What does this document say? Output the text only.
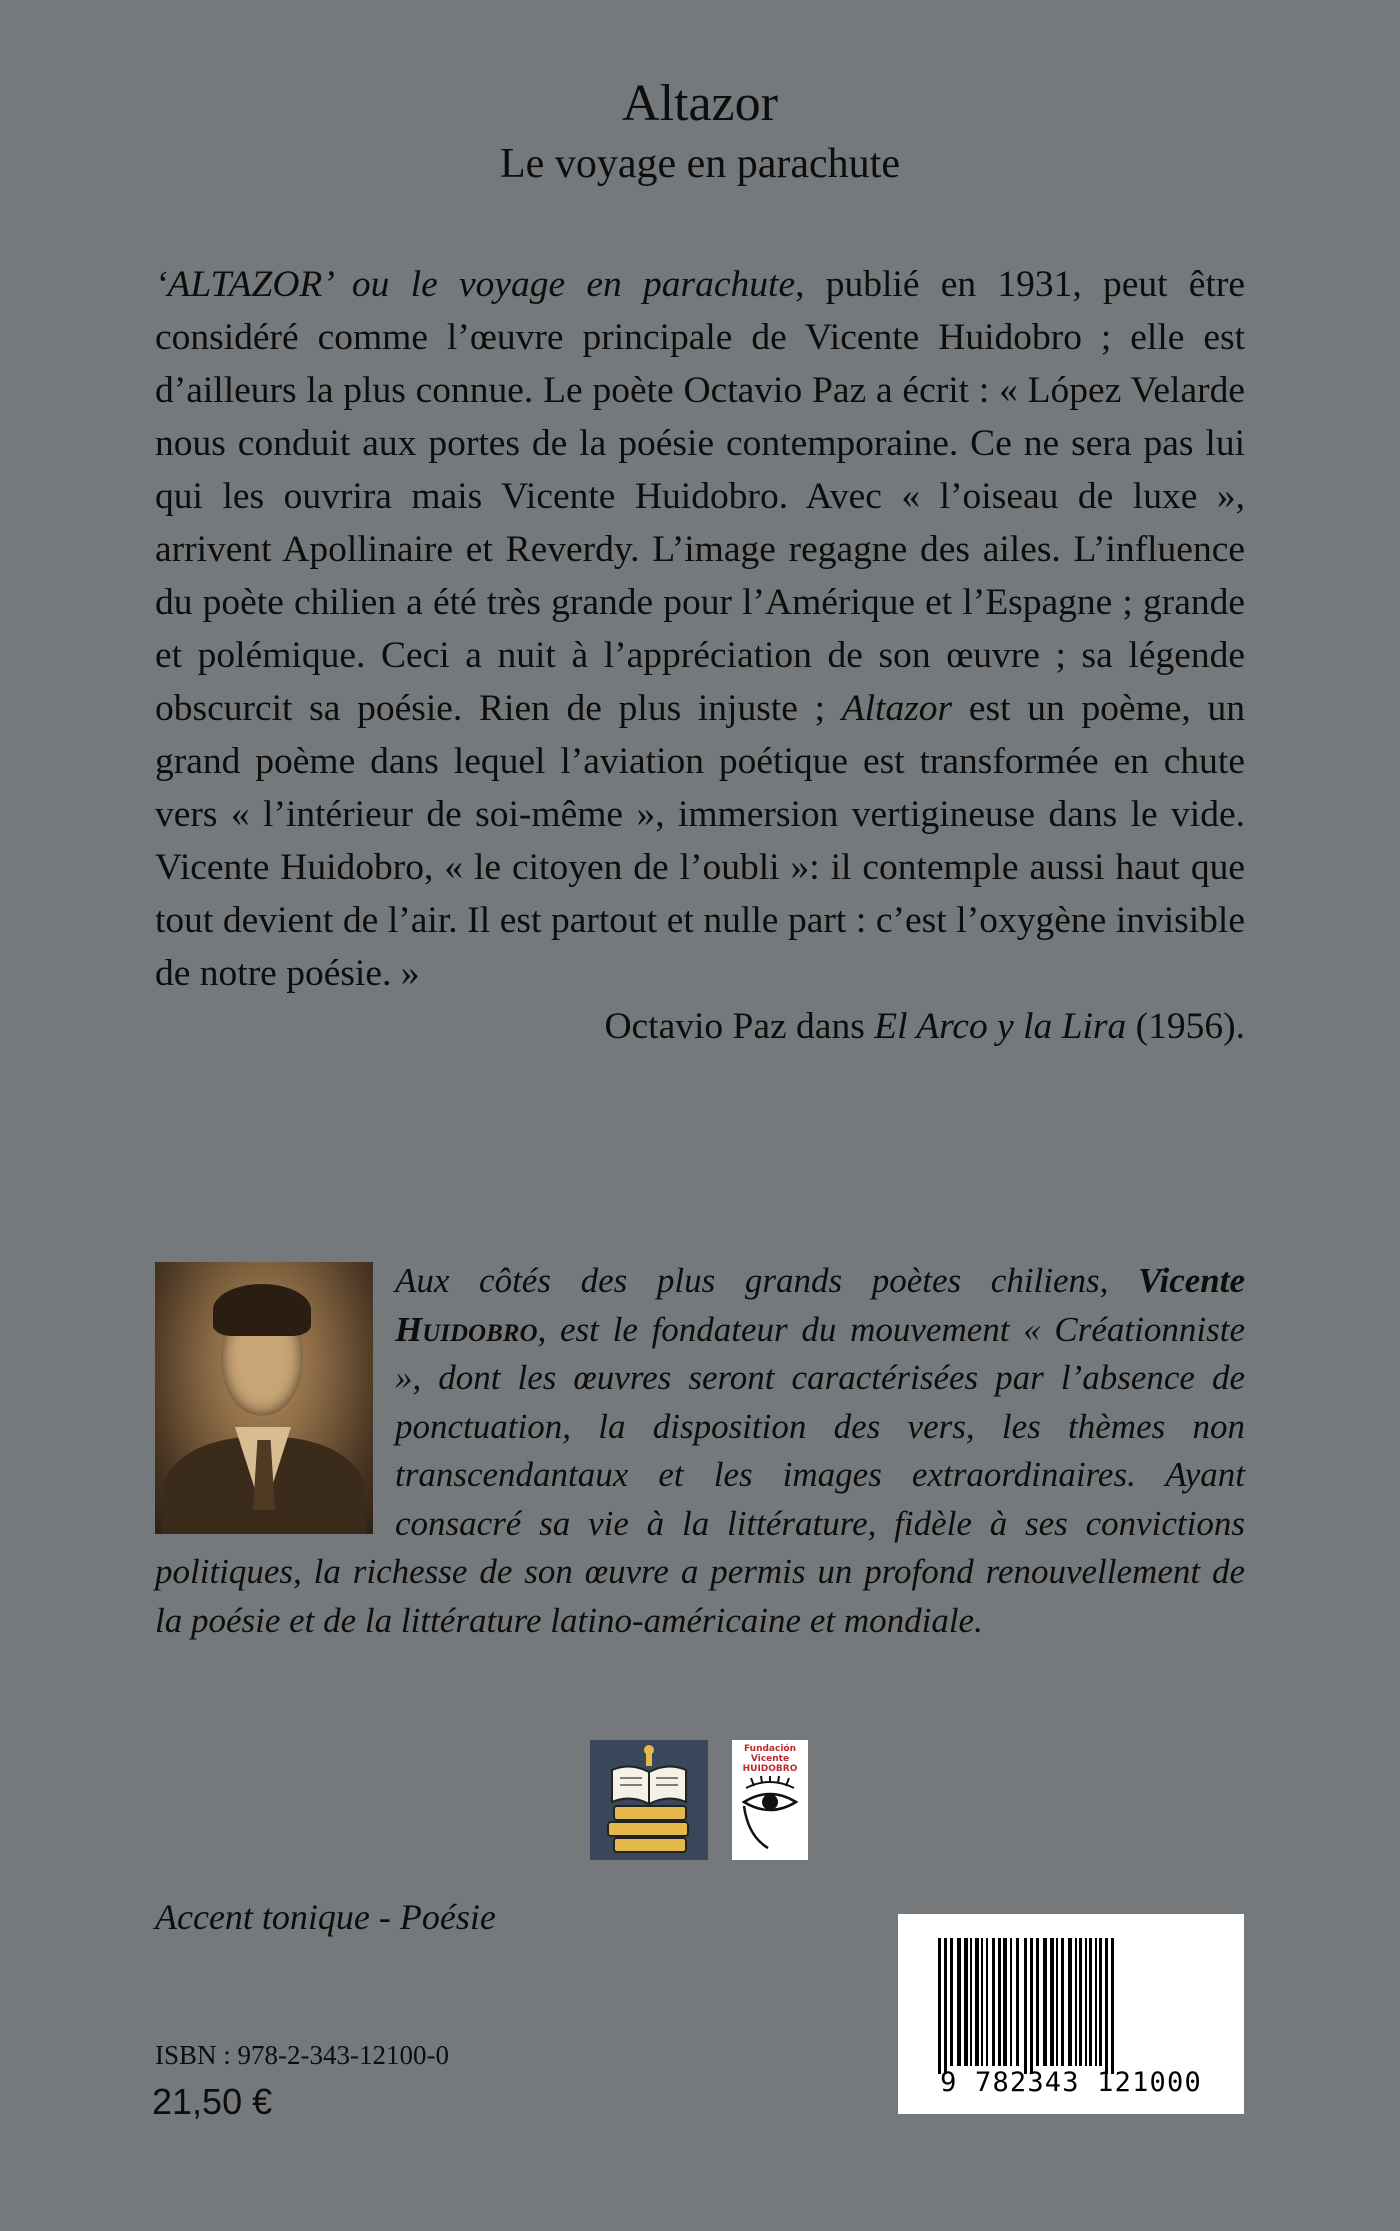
Altazor
Le voyage en parachute

‘ALTAZOR’ ou le voyage en parachute, publié en 1931, peut être considéré comme l’œuvre principale de Vicente Huidobro ; elle est d’ailleurs la plus connue. Le poète Octavio Paz a écrit : « López Velarde nous conduit aux portes de la poésie contemporaine. Ce ne sera pas lui qui les ouvrira mais Vicente Huidobro. Avec « l’oiseau de luxe », arrivent Apollinaire et Reverdy. L’image regagne des ailes. L’influence du poète chilien a été très grande pour l’Amérique et l’Espagne ; grande et polémique. Ceci a nuit à l’appréciation de son œuvre ; sa légende obscurcit sa poésie. Rien de plus injuste ; Altazor est un poème, un grand poème dans lequel l’aviation poétique est transformée en chute vers « l’intérieur de soi-même », immersion vertigineuse dans le vide. Vicente Huidobro, « le citoyen de l’oubli »: il contemple aussi haut que tout devient de l’air. Il est partout et nulle part : c’est l’oxygène invisible de notre poésie. »

Octavio Paz dans El Arco y la Lira (1956).

Aux côtés des plus grands poètes chiliens, Vicente Huidobro, est le fondateur du mouvement « Créationniste », dont les œuvres seront caractérisées par l’absence de ponctuation, la disposition des vers, les thèmes non transcendantaux et les images extraordinaires. Ayant consacré sa vie à la littérature, fidèle à ses convictions politiques, la richesse de son œuvre a permis un profond renouvellement de la poésie et de la littérature latino-américaine et mondiale.
Fundación
Vicente
HUIDOBRO
Accent tonique - Poésie
ISBN : 978-2-343-12100-0
21,50 €	9 782343 121000
